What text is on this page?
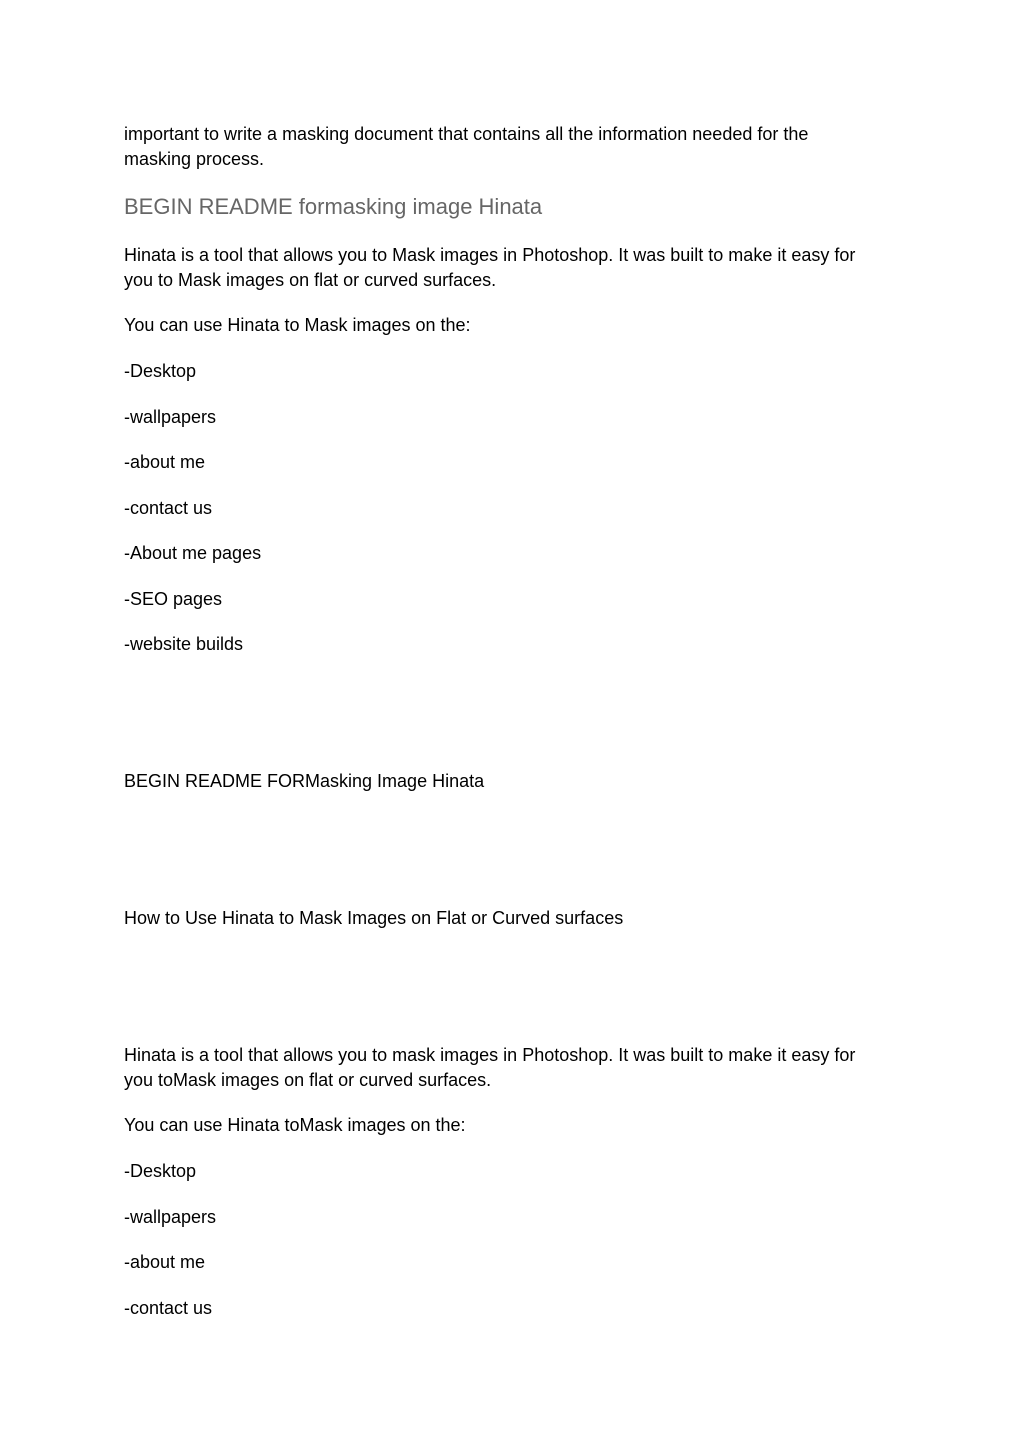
important to write a masking document that contains all the information needed for the
masking process.
BEGIN README formasking image Hinata
Hinata is a tool that allows you to Mask images in Photoshop. It was built to make it easy for
you to Mask images on flat or curved surfaces.
You can use Hinata to Mask images on the:
-Desktop
-wallpapers
-about me
-contact us
-About me pages
-SEO pages
-website builds
BEGIN README FORMasking Image Hinata
How to Use Hinata to Mask Images on Flat or Curved surfaces
Hinata is a tool that allows you to mask images in Photoshop. It was built to make it easy for
you toMask images on flat or curved surfaces.
You can use Hinata toMask images on the:
-Desktop
-wallpapers
-about me
-contact us
